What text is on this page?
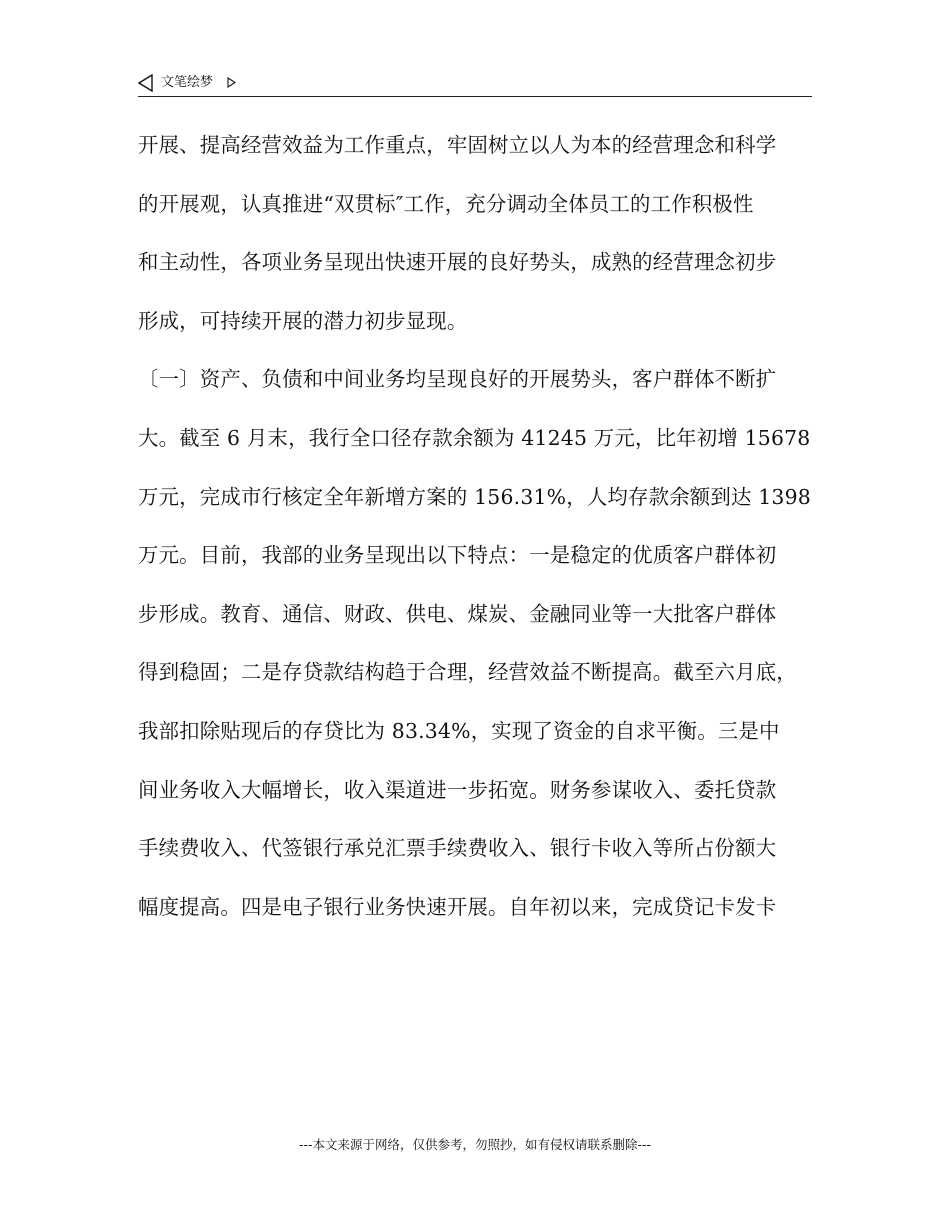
文笔绘梦
开展、提高经营效益为工作重点，牢固树立以人为本的经营理念和科学
的开展观，认真推进“双贯标″工作，充分调动全体员工的工作积极性
和主动性，各项业务呈现出快速开展的良好势头，成熟的经营理念初步
形成，可持续开展的潜力初步显现。
〔一〕资产、负债和中间业务均呈现良好的开展势头，客户群体不断扩
大。截至 6 月末，我行全口径存款余额为 41245 万元，比年初增 15678
万元，完成市行核定全年新增方案的 156.31%，人均存款余额到达 1398
万元。目前，我部的业务呈现出以下特点：一是稳定的优质客户群体初
步形成。教育、通信、财政、供电、煤炭、金融同业等一大批客户群体
得到稳固；二是存贷款结构趋于合理，经营效益不断提高。截至六月底，
我部扣除贴现后的存贷比为 83.34%，实现了资金的自求平衡。三是中
间业务收入大幅增长，收入渠道进一步拓宽。财务参谋收入、委托贷款
手续费收入、代签银行承兑汇票手续费收入、银行卡收入等所占份额大
幅度提高。四是电子银行业务快速开展。自年初以来，完成贷记卡发卡
---本文来源于网络，仅供参考，勿照抄，如有侵权请联系删除---
